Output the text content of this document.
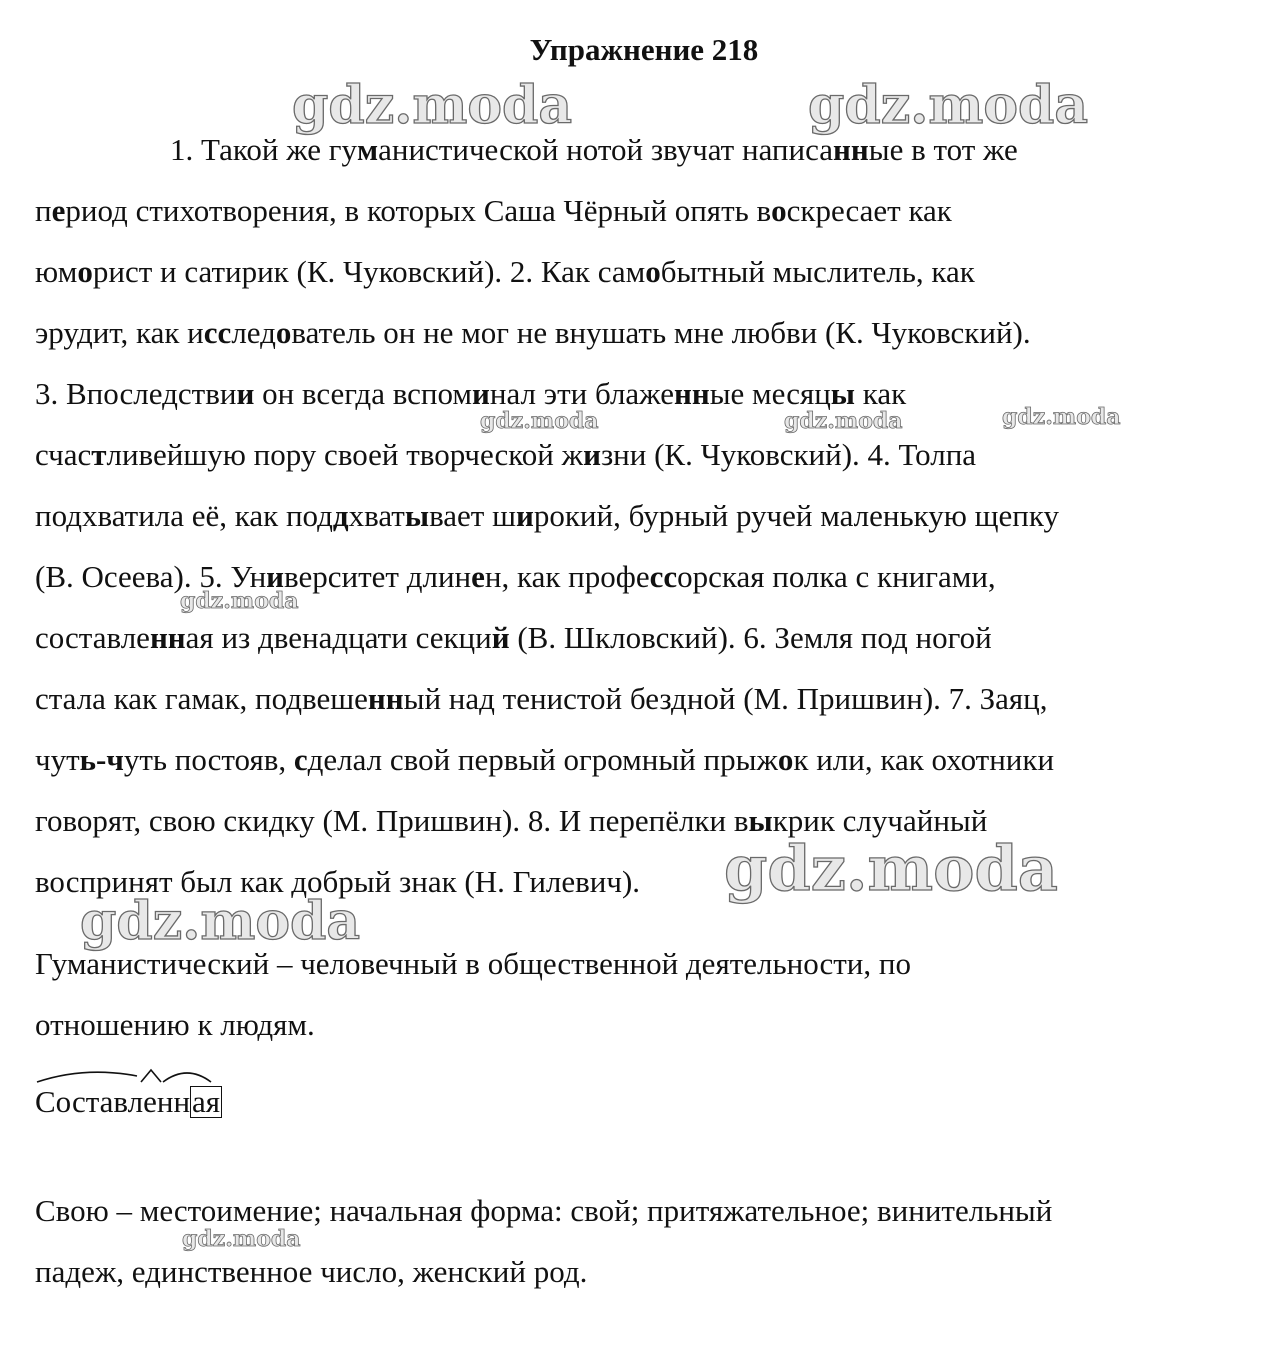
Упражнение 218
1. Такой же гуманистической нотой звучат написанные в тот же
период стихотворения, в которых Саша Чёрный опять воскресает как
юморист и сатирик (К. Чуковский). 2. Как самобытный мыслитель, как
эрудит, как исследователь он не мог не внушать мне любви (К. Чуковский).
3. Впоследствии он всегда вспоминал эти блаженные месяцы как
счастливейшую пору своей творческой жизни (К. Чуковский). 4. Толпа
подхватила её, как поддхватывает широкий, бурный ручей маленькую щепку
(В. Осеева). 5. Университет длинен, как профессорская полка с книгами,
составленная из двенадцати секций (В. Шкловский). 6. Земля под ногой
стала как гамак, подвешенный над тенистой бездной (М. Пришвин). 7. Заяц,
чуть-чуть постояв, сделал свой первый огромный прыжок или, как охотники
говорят, свою скидку (М. Пришвин). 8. И перепёлки выкрик случайный
воспринят был как добрый знак (Н. Гилевич).
Гуманистический – человечный в общественной деятельности, по
отношению к людям.
Составленная
Свою – местоимение; начальная форма: свой; притяжательное; винительный
падеж, единственное число, женский род.
gdz.moda	gdz.moda
gdz.moda	gdz.moda	gdz.moda
gdz.moda
gdz.moda
gdz.moda
gdz.moda
